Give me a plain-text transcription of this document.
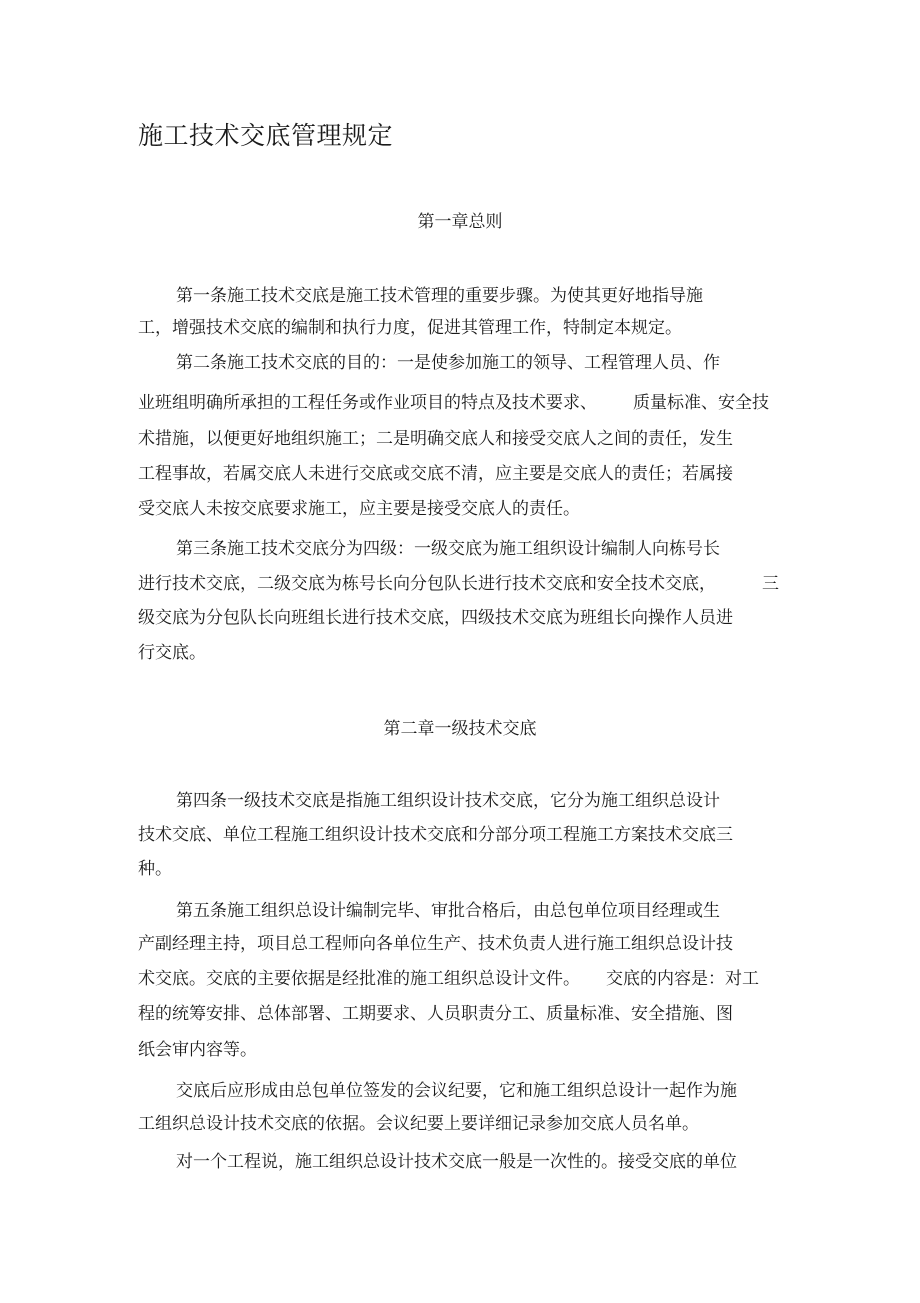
施工技术交底管理规定
第一章总则
第一条施工技术交底是施工技术管理的重要步骤。为使其更好地指导施
工，增强技术交底的编制和执行力度，促进其管理工作，特制定本规定。
第二条施工技术交底的目的：一是使参加施工的领导、工程管理人员、作
业班组明确所承担的工程任务或作业项目的特点及技术要求、 质量标准、安全技
术措施，以便更好地组织施工；二是明确交底人和接受交底人之间的责任，发生
工程事故，若属交底人未进行交底或交底不清，应主要是交底人的责任；若属接
受交底人未按交底要求施工，应主要是接受交底人的责任。
第三条施工技术交底分为四级：一级交底为施工组织设计编制人向栋号长
进行技术交底，二级交底为栋号长向分包队长进行技术交底和安全技术交底，	三
级交底为分包队长向班组长进行技术交底，四级技术交底为班组长向操作人员进
行交底。
第二章一级技术交底
第四条一级技术交底是指施工组织设计技术交底，它分为施工组织总设计
技术交底、单位工程施工组织设计技术交底和分部分项工程施工方案技术交底三
种。
第五条施工组织总设计编制完毕、审批合格后，由总包单位项目经理或生
产副经理主持，项目总工程师向各单位生产、技术负责人进行施工组织总设计技
术交底。交底的主要依据是经批准的施工组织总设计文件。 交底的内容是：对工
程的统筹安排、总体部署、工期要求、人员职责分工、质量标准、安全措施、图
纸会审内容等。
交底后应形成由总包单位签发的会议纪要，它和施工组织总设计一起作为施
工组织总设计技术交底的依据。会议纪要上要详细记录参加交底人员名单。
对一个工程说，施工组织总设计技术交底一般是一次性的。接受交底的单位
